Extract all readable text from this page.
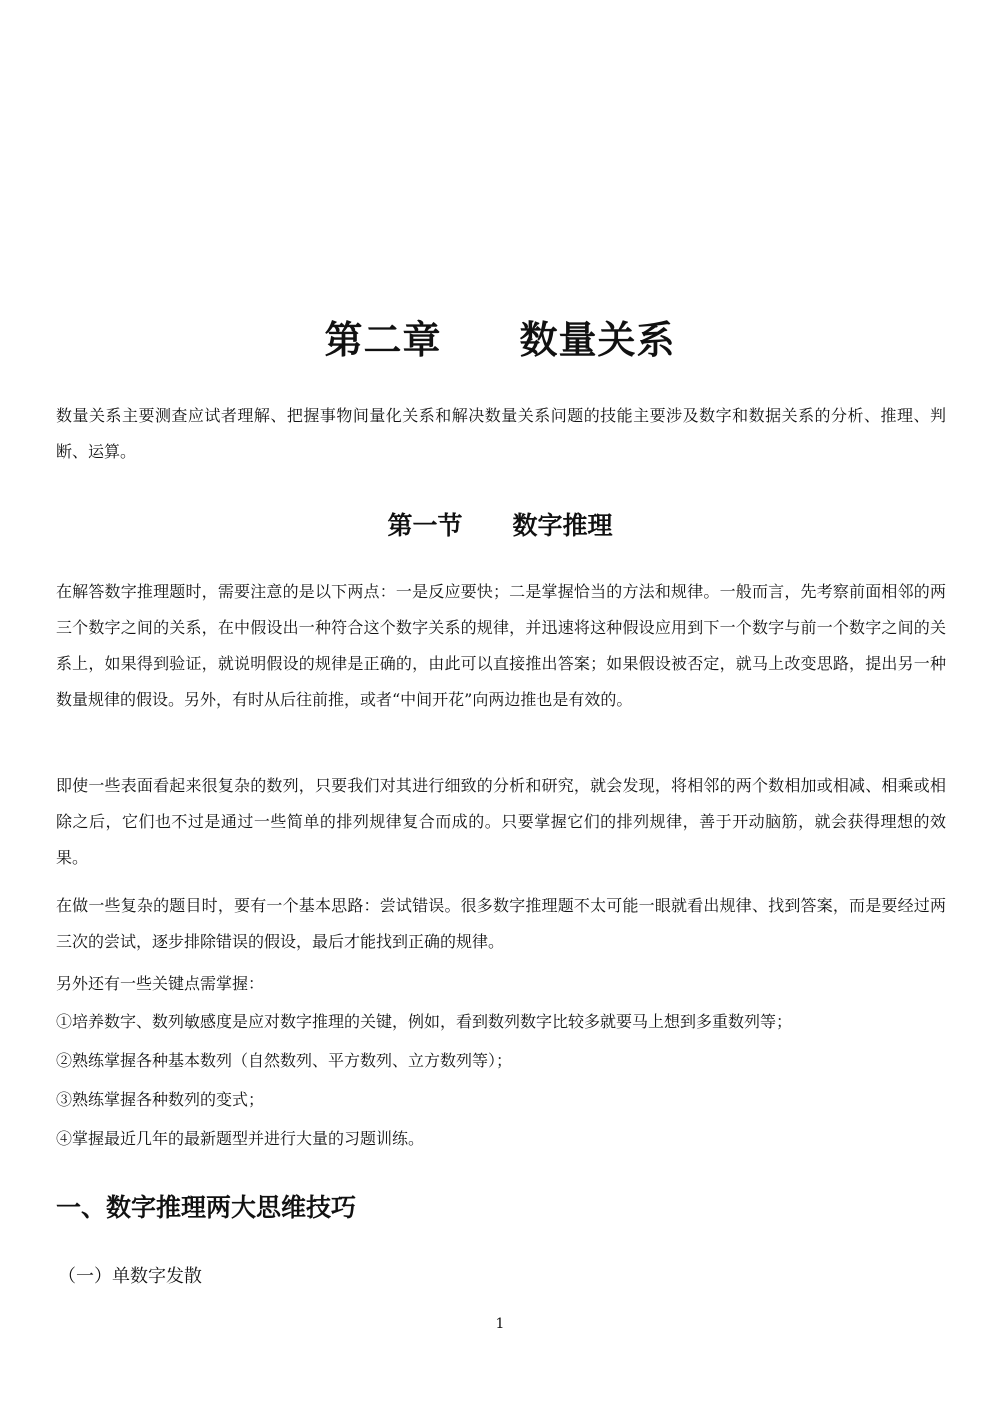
第二章　　数量关系

数量关系主要测查应试者理解、把握事物间量化关系和解决数量关系问题的技能主要涉及数字和数据关系的分析、推理、判断、运算。

第一节　　数字推理

在解答数字推理题时，需要注意的是以下两点：一是反应要快；二是掌握恰当的方法和规律。一般而言，先考察前面相邻的两三个数字之间的关系，在中假设出一种符合这个数字关系的规律，并迅速将这种假设应用到下一个数字与前一个数字之间的关系上，如果得到验证，就说明假设的规律是正确的，由此可以直接推出答案；如果假设被否定，就马上改变思路，提出另一种数量规律的假设。另外，有时从后往前推，或者“中间开花”向两边推也是有效的。

即使一些表面看起来很复杂的数列，只要我们对其进行细致的分析和研究，就会发现，将相邻的两个数相加或相减、相乘或相除之后，它们也不过是通过一些简单的排列规律复合而成的。只要掌握它们的排列规律，善于开动脑筋，就会获得理想的效果。

在做一些复杂的题目时，要有一个基本思路：尝试错误。很多数字推理题不太可能一眼就看出规律、找到答案，而是要经过两三次的尝试，逐步排除错误的假设，最后才能找到正确的规律。

另外还有一些关键点需掌握：

①培养数字、数列敏感度是应对数字推理的关键，例如，看到数列数字比较多就要马上想到多重数列等；
②熟练掌握各种基本数列（自然数列、平方数列、立方数列等）；
③熟练掌握各种数列的变式；
④掌握最近几年的最新题型并进行大量的习题训练。
一、数字推理两大思维技巧
（一）单数字发散
1
